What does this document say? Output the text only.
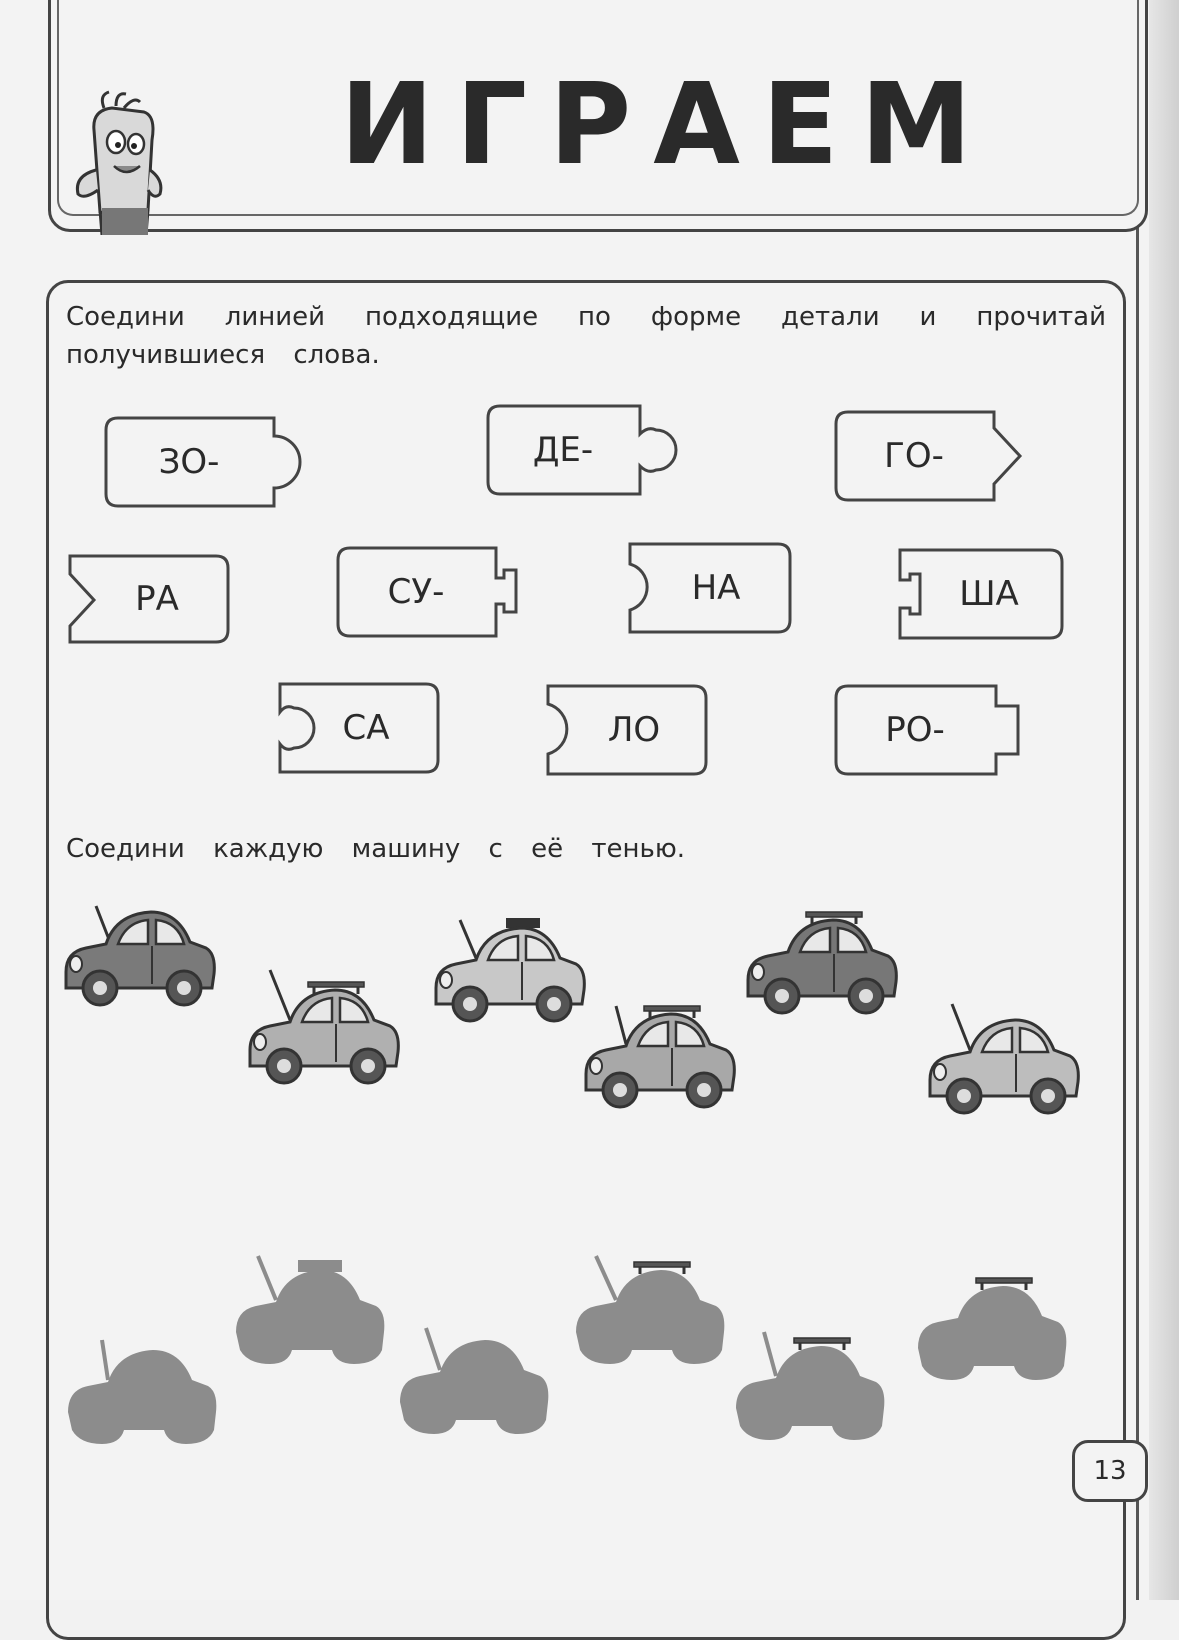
ИГРАЕМ
Соедини линией подходящие по форме детали и прочитай получившиеся слова.
ЗО-	ДЕ-	ГО-
РА	СУ-	НА	ША
СА	ЛО	РО-
Соедини каждую машину с её тенью.
13
